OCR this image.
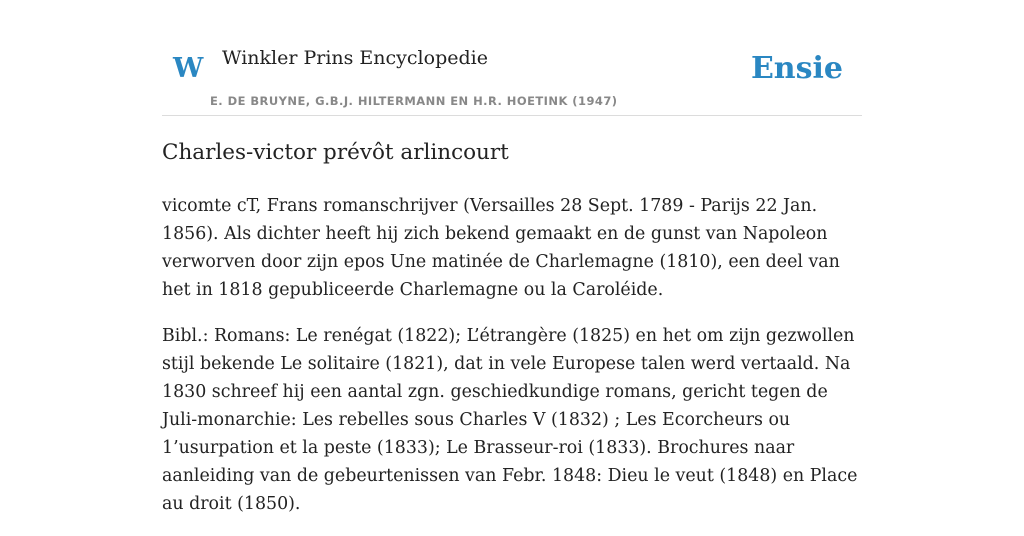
W Winkler Prins Encyclopedie
E. DE BRUYNE, G.B.J. HILTERMANN EN H.R. HOETINK (1947)
Ensie
Charles-victor prévôt arlincourt

vicomte cT, Frans romanschrijver (Versailles 28 Sept. 1789 - Parijs 22 Jan. 1856). Als dichter heeft hij zich bekend gemaakt en de gunst van Napoleon verworven door zijn epos Une matinée de Charlemagne (1810), een deel van het in 1818 gepubliceerde Charlemagne ou la Caroléide.

Bibl.: Romans: Le renégat (1822); L’étrangère (1825) en het om zijn gezwollen stijl bekende Le solitaire (1821), dat in vele Europese talen werd vertaald. Na 1830 schreef hij een aantal zgn. geschiedkundige romans, gericht tegen de Juli-monarchie: Les rebelles sous Charles V (1832) ; Les Ecorcheurs ou 1’usurpation et la peste (1833); Le Brasseur-roi (1833). Brochures naar aanleiding van de gebeurtenissen van Febr. 1848: Dieu le veut (1848) en Place au droit (1850).
